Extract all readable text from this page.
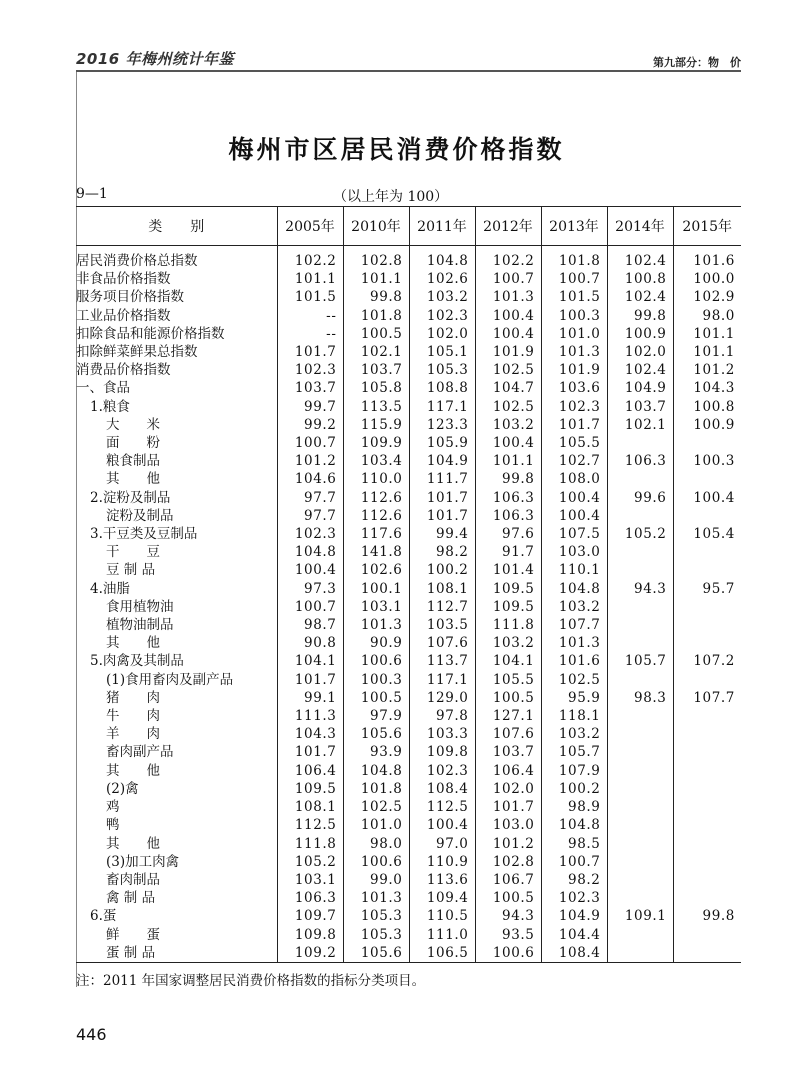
2016 年梅州统计年鉴	第九部分：物　价
梅州市区居民消费价格指数
9—1	（以上年为 100）
类　　别	2005年	2010年	2011年	2012年	2013年	2014年	2015年
居民消费价格总指数	102.2	102.8	104.8	102.2	101.8	102.4	101.6
非食品价格指数	101.1	101.1	102.6	100.7	100.7	100.8	100.0
服务项目价格指数	101.5	99.8	103.2	101.3	101.5	102.4	102.9
工业品价格指数	--	101.8	102.3	100.4	100.3	99.8	98.0
扣除食品和能源价格指数	--	100.5	102.0	100.4	101.0	100.9	101.1
扣除鲜菜鲜果总指数	101.7	102.1	105.1	101.9	101.3	102.0	101.1
消费品价格指数	102.3	103.7	105.3	102.5	101.9	102.4	101.2
一、食品	103.7	105.8	108.8	104.7	103.6	104.9	104.3
1.粮食	99.7	113.5	117.1	102.5	102.3	103.7	100.8
大　　米	99.2	115.9	123.3	103.2	101.7	102.1	100.9
面　　粉	100.7	109.9	105.9	100.4	105.5		
粮食制品	101.2	103.4	104.9	101.1	102.7	106.3	100.3
其　　他	104.6	110.0	111.7	99.8	108.0		
2.淀粉及制品	97.7	112.6	101.7	106.3	100.4	99.6	100.4
淀粉及制品	97.7	112.6	101.7	106.3	100.4		
3.干豆类及豆制品	102.3	117.6	99.4	97.6	107.5	105.2	105.4
干　　豆	104.8	141.8	98.2	91.7	103.0		
豆 制 品	100.4	102.6	100.2	101.4	110.1		
4.油脂	97.3	100.1	108.1	109.5	104.8	94.3	95.7
食用植物油	100.7	103.1	112.7	109.5	103.2		
植物油制品	98.7	101.3	103.5	111.8	107.7		
其　　他	90.8	90.9	107.6	103.2	101.3		
5.肉禽及其制品	104.1	100.6	113.7	104.1	101.6	105.7	107.2
(1)食用畜肉及副产品	101.7	100.3	117.1	105.5	102.5		
猪　　肉	99.1	100.5	129.0	100.5	95.9	98.3	107.7
牛　　肉	111.3	97.9	97.8	127.1	118.1		
羊　　肉	104.3	105.6	103.3	107.6	103.2		
畜肉副产品	101.7	93.9	109.8	103.7	105.7		
其　　他	106.4	104.8	102.3	106.4	107.9		
(2)禽	109.5	101.8	108.4	102.0	100.2		
鸡	108.1	102.5	112.5	101.7	98.9		
鸭	112.5	101.0	100.4	103.0	104.8		
其　　他	111.8	98.0	97.0	101.2	98.5		
(3)加工肉禽	105.2	100.6	110.9	102.8	100.7		
畜肉制品	103.1	99.0	113.6	106.7	98.2		
禽 制 品	106.3	101.3	109.4	100.5	102.3		
6.蛋	109.7	105.3	110.5	94.3	104.9	109.1	99.8
鲜　　蛋	109.8	105.3	111.0	93.5	104.4		
蛋 制 品	109.2	105.6	106.5	100.6	108.4		
注：2011 年国家调整居民消费价格指数的指标分类项目。
446
